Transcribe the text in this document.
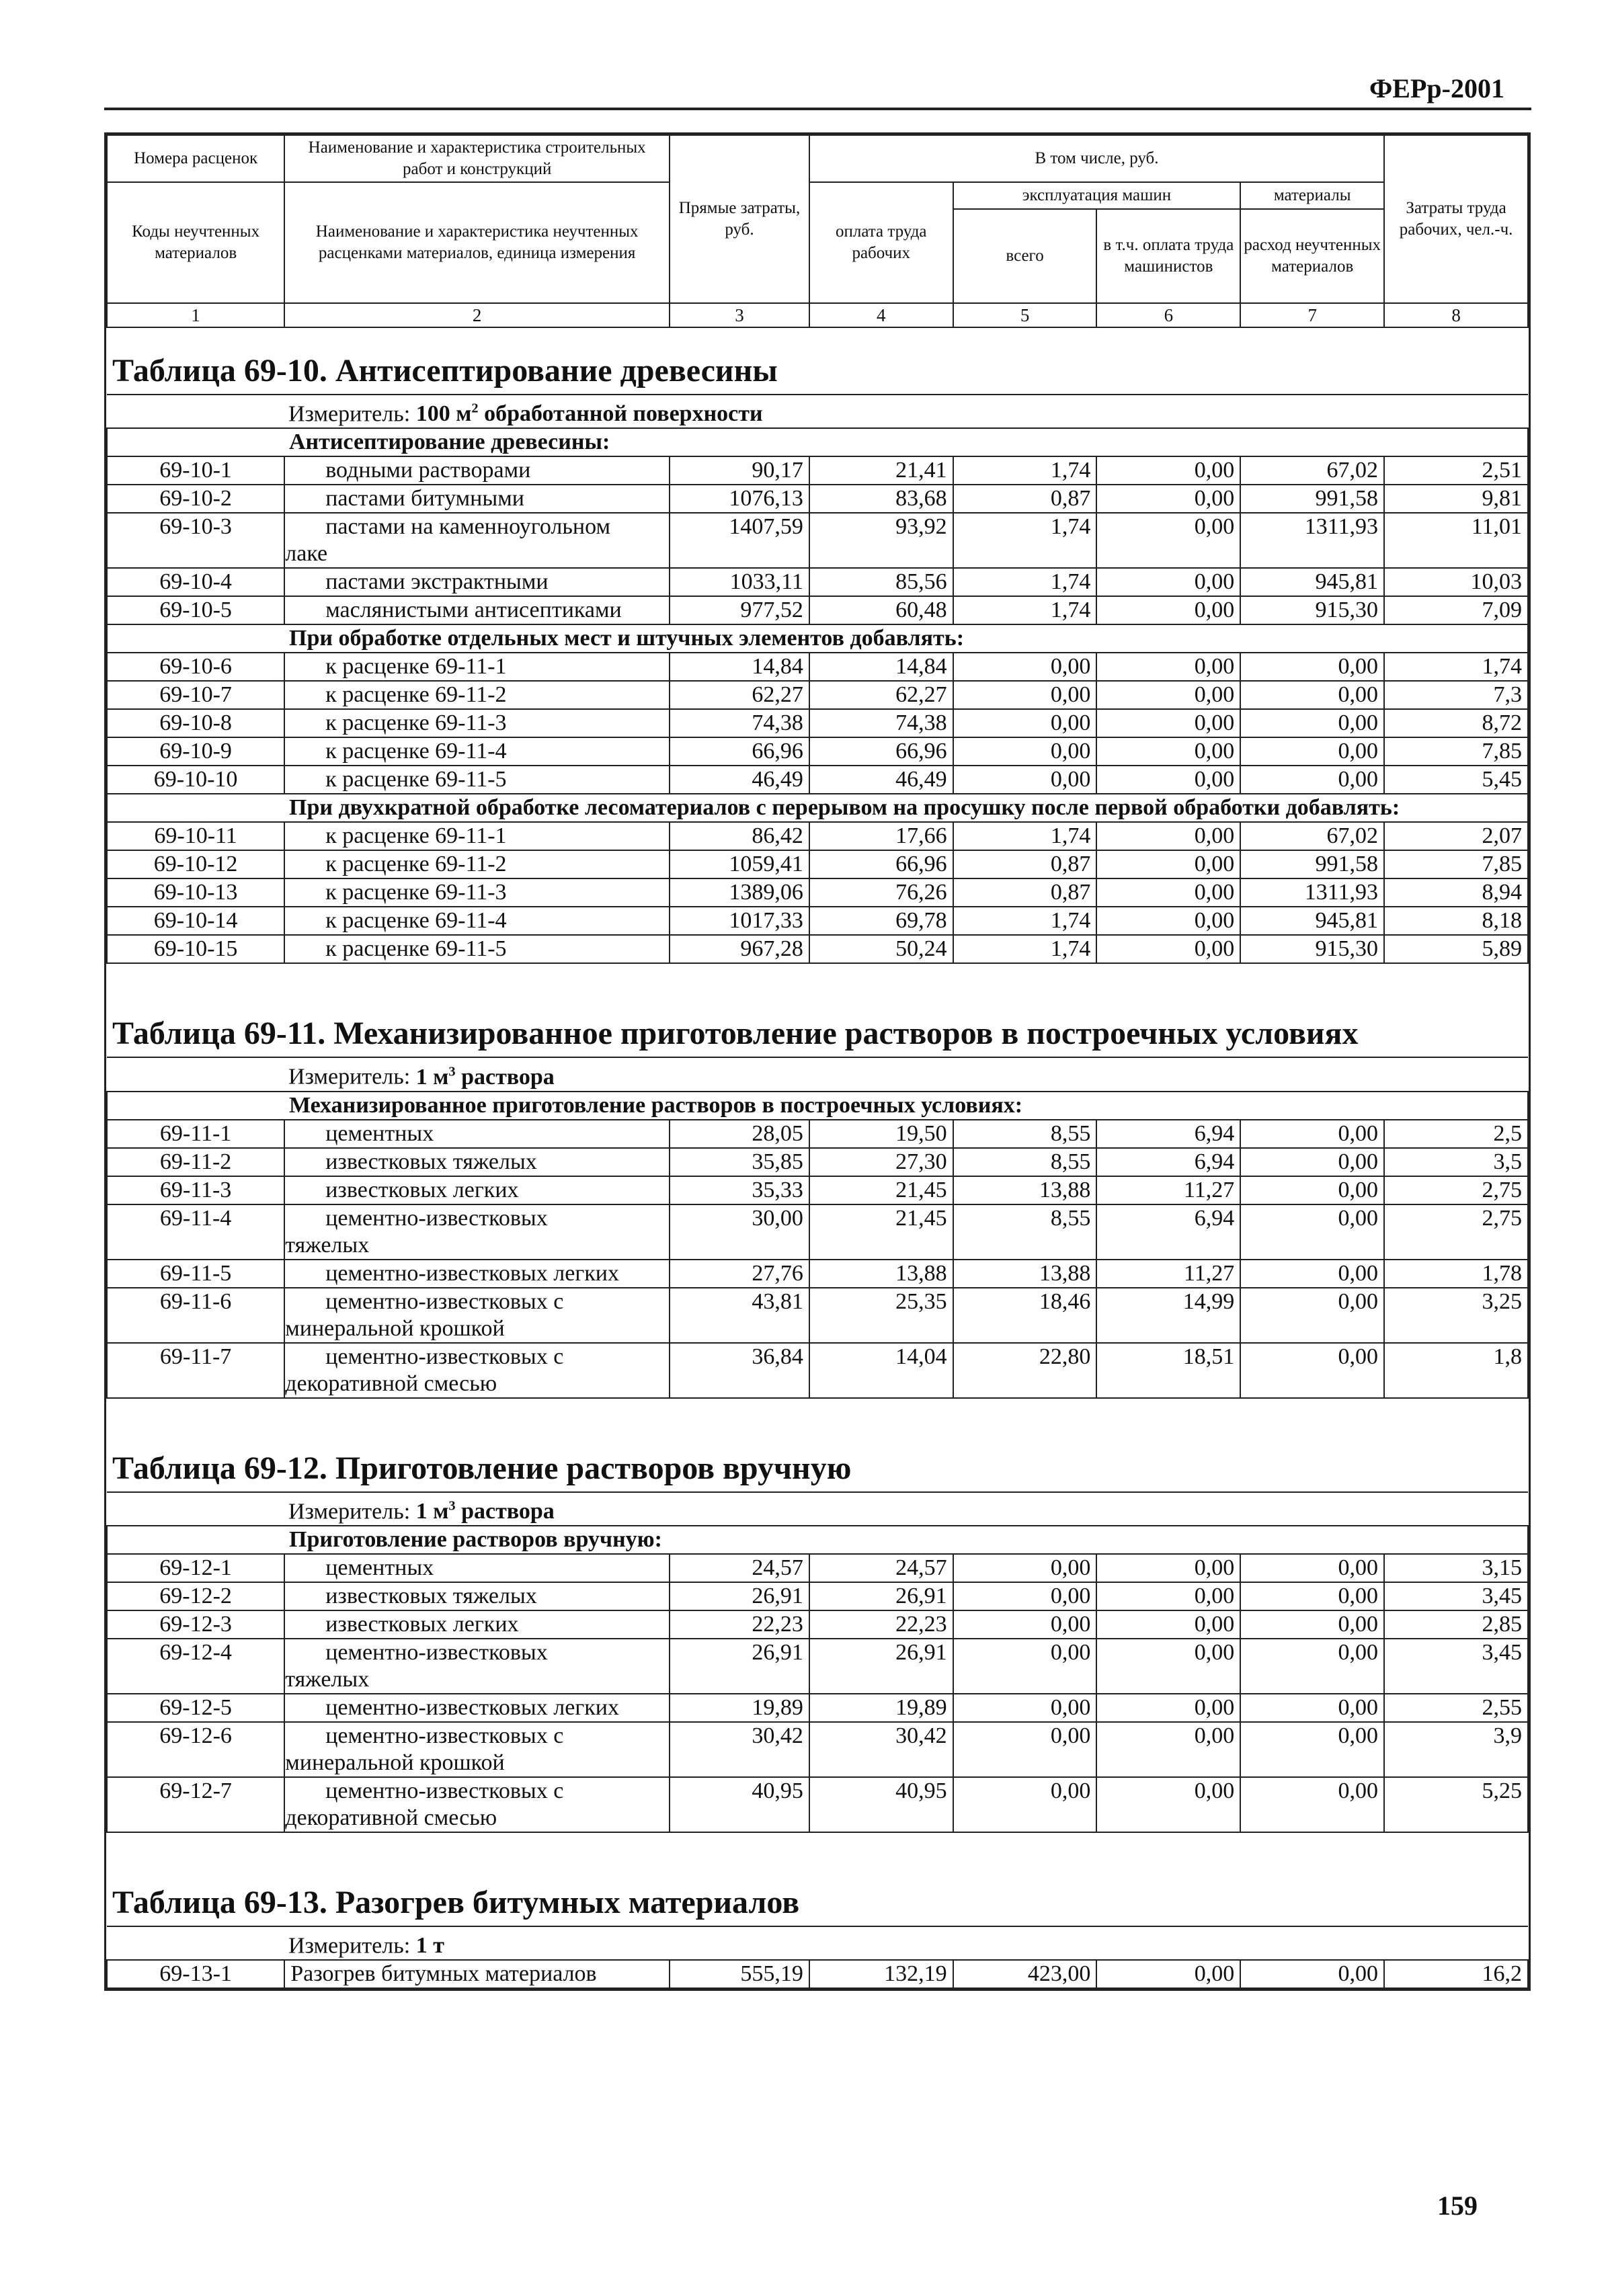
ФЕРр-2001
Номера расценок	Наименование и характеристика строительных работ и конструкций	Прямые затраты, руб.	В том числе, руб.				Затраты труда рабочих, чел.-ч.
Коды неучтенных материалов	Наименование и характеристика неучтенных расценками материалов, единица измерения		оплата труда рабочих	эксплуатация машин		материалы	
				всего	в т.ч. оплата труда машинистов	расход неучтенных материалов	
1	2	3	4	5	6	7	8
Таблица 69-10. Антисептирование древесины							
Измеритель: 100 $м^2$ обработанной поверхности							
Антисептирование древесины:							
69-10-1	водными растворами	90,17	21,41	1,74	0,00	67,02	2,51
69-10-2	пастами битумными	1076,13	83,68	0,87	0,00	991,58	9,81
69-10-3	пастами на каменноугольном
лаке	1407,59	93,92	1,74	0,00	1311,93	11,01
69-10-4	пастами экстрактными	1033,11	85,56	1,74	0,00	945,81	10,03
69-10-5	маслянистыми антисептиками	977,52	60,48	1,74	0,00	915,30	7,09
При обработке отдельных мест и штучных элементов добавлять:							
69-10-6	к расценке 69-11-1	14,84	14,84	0,00	0,00	0,00	1,74
69-10-7	к расценке 69-11-2	62,27	62,27	0,00	0,00	0,00	7,3
69-10-8	к расценке 69-11-3	74,38	74,38	0,00	0,00	0,00	8,72
69-10-9	к расценке 69-11-4	66,96	66,96	0,00	0,00	0,00	7,85
69-10-10	к расценке 69-11-5	46,49	46,49	0,00	0,00	0,00	5,45
При двухкратной обработке лесоматериалов с перерывом на просушку после первой обработки добавлять:							
69-10-11	к расценке 69-11-1	86,42	17,66	1,74	0,00	67,02	2,07
69-10-12	к расценке 69-11-2	1059,41	66,96	0,87	0,00	991,58	7,85
69-10-13	к расценке 69-11-3	1389,06	76,26	0,87	0,00	1311,93	8,94
69-10-14	к расценке 69-11-4	1017,33	69,78	1,74	0,00	945,81	8,18
69-10-15	к расценке 69-11-5	967,28	50,24	1,74	0,00	915,30	5,89

Таблица 69-11. Механизированное приготовление растворов в построечных условиях							
Измеритель: 1 $м^3$ раствора							
Механизированное приготовление растворов в построечных условиях:							
69-11-1	цементных	28,05	19,50	8,55	6,94	0,00	2,5
69-11-2	известковых тяжелых	35,85	27,30	8,55	6,94	0,00	3,5
69-11-3	известковых легких	35,33	21,45	13,88	11,27	0,00	2,75
69-11-4	цементно-известковых
тяжелых	30,00	21,45	8,55	6,94	0,00	2,75
69-11-5	цементно-известковых легких	27,76	13,88	13,88	11,27	0,00	1,78
69-11-6	цементно-известковых с
минеральной крошкой	43,81	25,35	18,46	14,99	0,00	3,25
69-11-7	цементно-известковых с
декоративной смесью	36,84	14,04	22,80	18,51	0,00	1,8

Таблица 69-12. Приготовление растворов вручную							
Измеритель: 1 $м^3$ раствора							
Приготовление растворов вручную:							
69-12-1	цементных	24,57	24,57	0,00	0,00	0,00	3,15
69-12-2	известковых тяжелых	26,91	26,91	0,00	0,00	0,00	3,45
69-12-3	известковых легких	22,23	22,23	0,00	0,00	0,00	2,85
69-12-4	цементно-известковых
тяжелых	26,91	26,91	0,00	0,00	0,00	3,45
69-12-5	цементно-известковых легких	19,89	19,89	0,00	0,00	0,00	2,55
69-12-6	цементно-известковых с
минеральной крошкой	30,42	30,42	0,00	0,00	0,00	3,9
69-12-7	цементно-известковых с
декоративной смесью	40,95	40,95	0,00	0,00	0,00	5,25

Таблица 69-13. Разогрев битумных материалов							
Измеритель: 1 т							
69-13-1	Разогрев битумных материалов	555,19	132,19	423,00	0,00	0,00	16,2
159
